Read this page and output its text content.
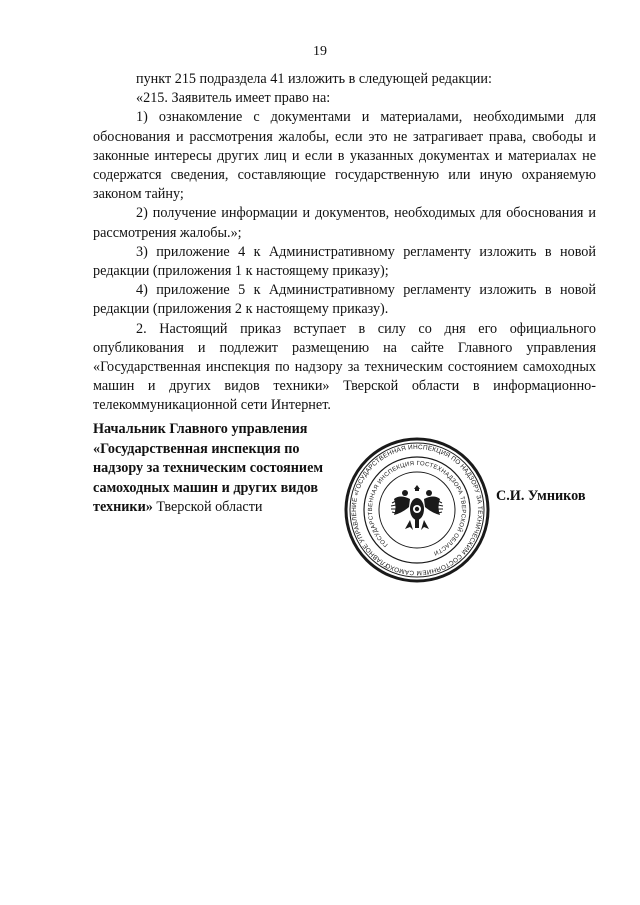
19

пункт 215 подраздела 41 изложить в следующей редакции:

«215. Заявитель имеет право на:

1) ознакомление с документами и материалами, необходимыми для обоснования и рассмотрения жалобы, если это не затрагивает права, свободы и законные интересы других лиц и если в указанных документах и материалах не содержатся сведения, составляющие государственную или иную охраняемую законом тайну;

2) получение информации и документов, необходимых для обоснования и рассмотрения жалобы.»;

3) приложение 4 к Административному регламенту изложить в новой редакции (приложения 1 к настоящему приказу);

4) приложение 5 к Административному регламенту изложить в новой редакции (приложения 2 к настоящему приказу).

2. Настоящий приказ вступает в силу со дня его официального опубликования и подлежит размещению на сайте Главного управления «Государственная инспекция по надзору за техническим состоянием самоходных машин и других видов техники» Тверской области в информационно-телекоммуникационной сети Интернет.

Начальник Главного управления
«Государственная инспекция по
надзору за техническим состоянием
самоходных машин и других видов
техники» Тверской области
С.И. Умников
ГЛАВНОЕ УПРАВЛЕНИЕ «ГОСУДАРСТВЕННАЯ ИНСПЕКЦИЯ ПО НАДЗОРУ ЗА ТЕХНИЧЕСКИМ СОСТОЯНИЕМ САМОХОДНЫХ
ГОСУДАРСТВЕННАЯ ИНСПЕКЦИЯ ГОСТЕХНАДЗОРА ТВЕРСКОЙ ОБЛАСТИ
